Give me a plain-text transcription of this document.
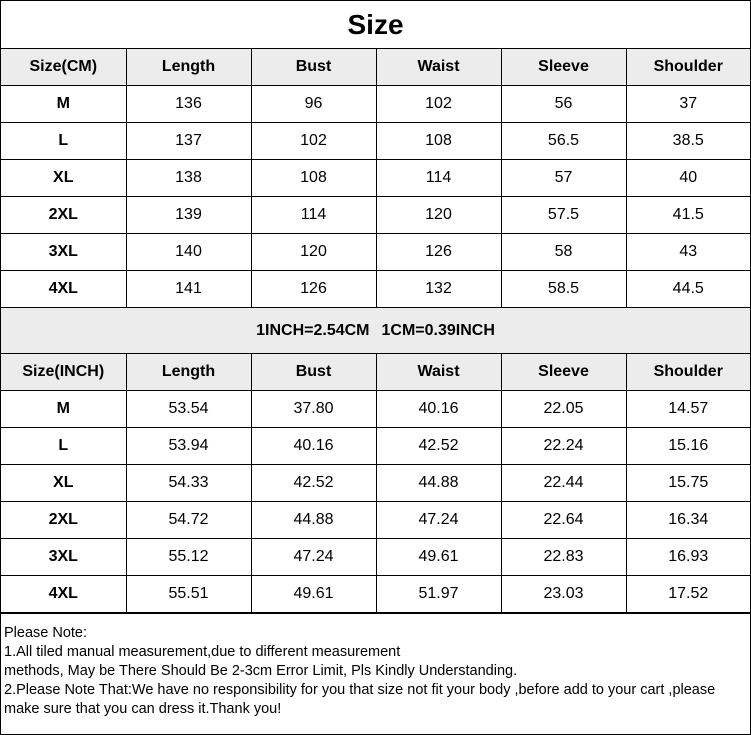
Size
Size(CM)	Length	Bust	Waist	Sleeve	Shoulder
M	136	96	102	56	37
L	137	102	108	56.5	38.5
XL	138	108	114	57	40
2XL	139	114	120	57.5	41.5
3XL	140	120	126	58	43
4XL	141	126	132	58.5	44.5
1INCH=2.54CM 1CM=0.39INCH
Size(INCH)	Length	Bust	Waist	Sleeve	Shoulder
M	53.54	37.80	40.16	22.05	14.57
L	53.94	40.16	42.52	22.24	15.16
XL	54.33	42.52	44.88	22.44	15.75
2XL	54.72	44.88	47.24	22.64	16.34
3XL	55.12	47.24	49.61	22.83	16.93
4XL	55.51	49.61	51.97	23.03	17.52
Please Note:
1.All tiled manual measurement,due to different measurement
methods, May be There Should Be 2-3cm Error Limit, Pls Kindly Understanding.
2.Please Note That:We have no responsibility for you that size not fit your body ,before add to your cart ,please
make sure that you can dress it.Thank you!
